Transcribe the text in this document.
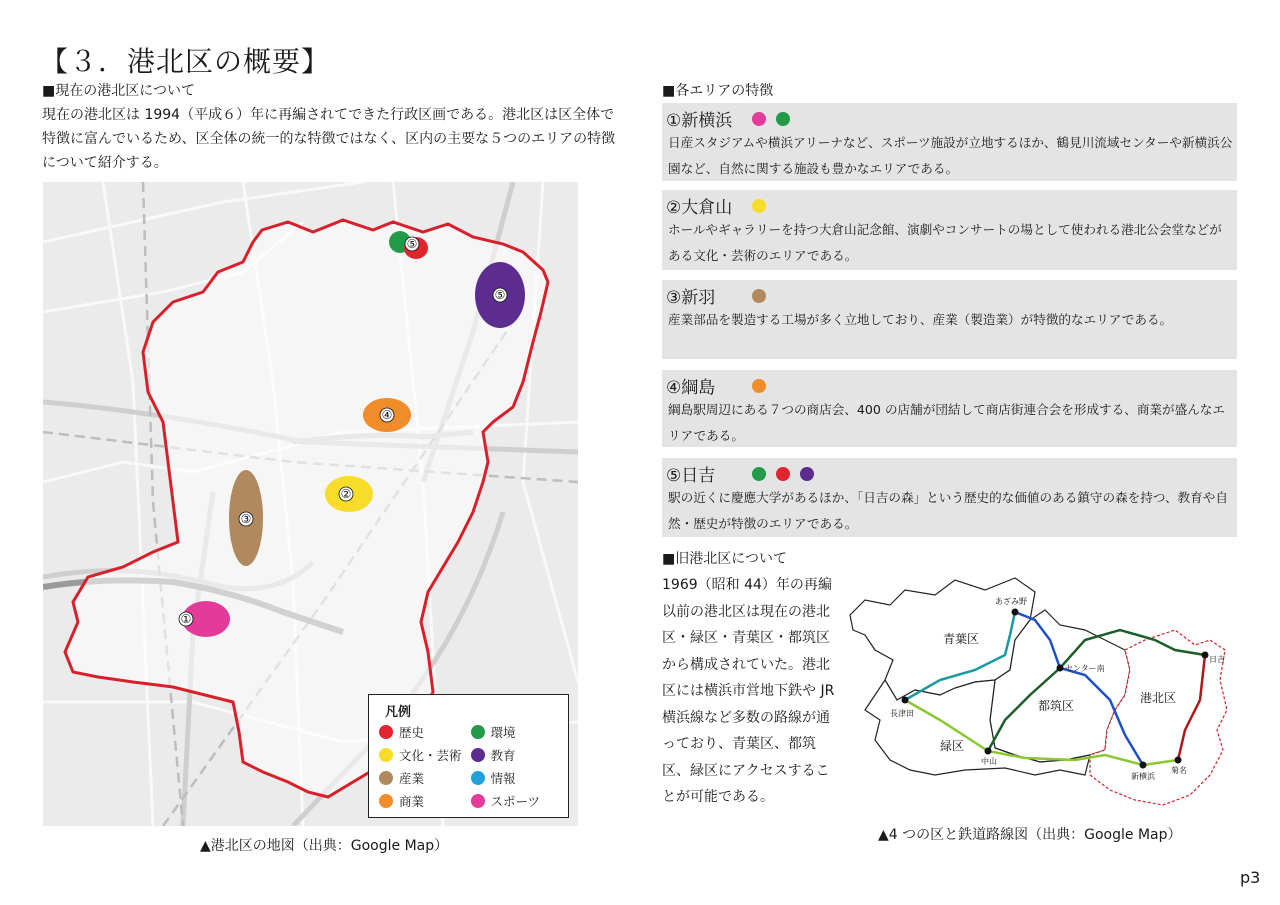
【３．港北区の概要】
■現在の港北区について
現在の港北区は 1994（平成６）年に再編されてできた行政区画である。港北区は区全体で特徴に富んでいるため、区全体の統一的な特徴ではなく、区内の主要な５つのエリアの特徴について紹介する。
①
②
③
④
⑤
⑤
凡例
歴史	環境
文化・芸術 教育
産業	情報
商業	スポーツ
▲港北区の地図（出典：Google Map）
■各エリアの特徴
①新横浜
日産スタジアムや横浜アリーナなど、スポーツ施設が立地するほか、鶴見川流域センターや新横浜公園など、自然に関する施設も豊かなエリアである。
②大倉山
ホールやギャラリーを持つ大倉山記念館、演劇やコンサートの場として使われる港北公会堂などがある文化・芸術のエリアである。
③新羽
産業部品を製造する工場が多く立地しており、産業（製造業）が特徴的なエリアである。
④綱島
綱島駅周辺にある７つの商店会、400 の店舗が団結して商店街連合会を形成する、商業が盛んなエリアである。
⑤日吉
駅の近くに慶應大学があるほか、「日吉の森」という歴史的な価値のある鎮守の森を持つ、教育や自然・歴史が特徴のエリアである。
■旧港北区について
1969（昭和 44）年の再編以前の港北区は現在の港北区・緑区・青葉区・都筑区から構成されていた。港北区には横浜市営地下鉄や JR 横浜線など多数の路線が通っており、青葉区、都筑区、緑区にアクセスすることが可能である。
あざみ野
センター南
長津田
中山
新横浜
菊名
日吉
青葉区
都筑区
緑区
港北区
▲4 つの区と鉄道路線図（出典：Google Map）
p3
